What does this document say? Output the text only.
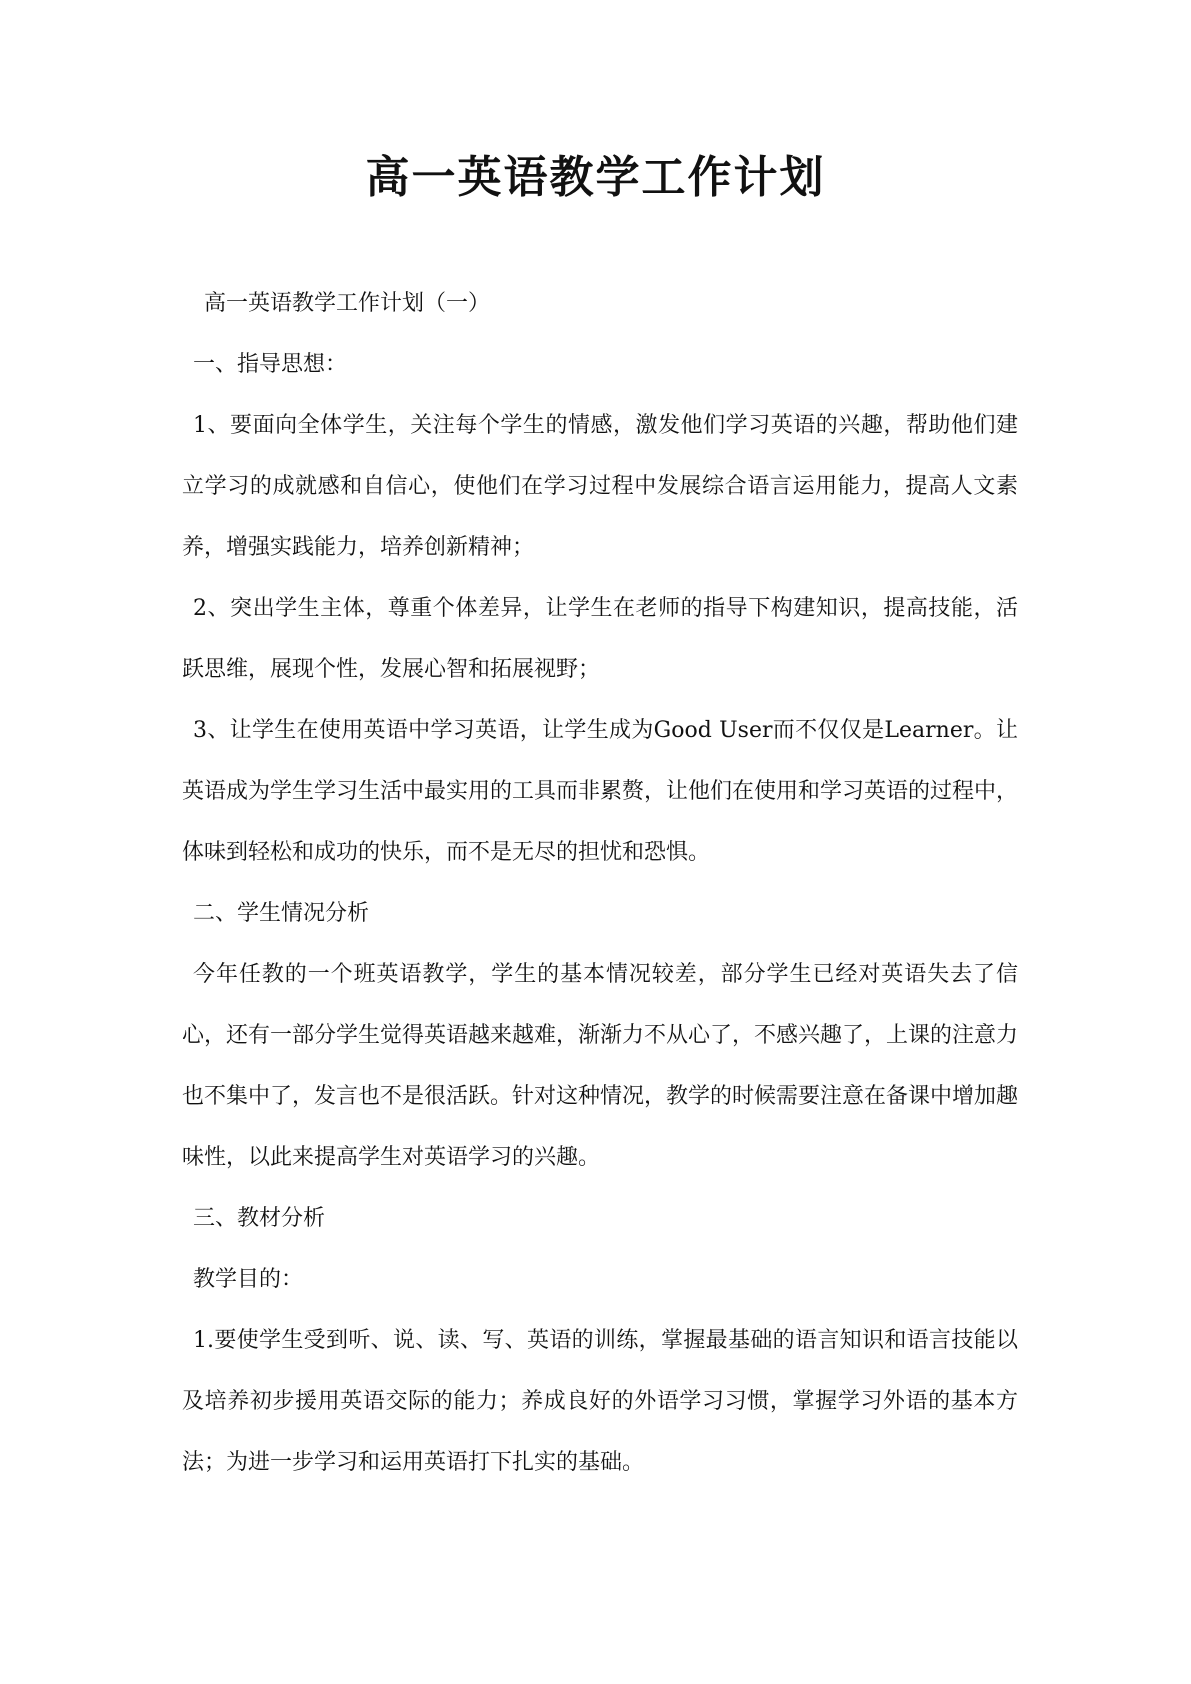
高一英语教学工作计划

高一英语教学工作计划（一）

一、指导思想：

1、要面向全体学生，关注每个学生的情感，激发他们学习英语的兴趣，帮助他们建立学习的成就感和自信心，使他们在学习过程中发展综合语言运用能力，提高人文素养，增强实践能力，培养创新精神；

2、突出学生主体，尊重个体差异，让学生在老师的指导下构建知识，提高技能，活跃思维，展现个性，发展心智和拓展视野；

3、让学生在使用英语中学习英语，让学生成为Good User而不仅仅是Learner。让英语成为学生学习生活中最实用的工具而非累赘，让他们在使用和学习英语的过程中，体味到轻松和成功的快乐，而不是无尽的担忧和恐惧。

二、学生情况分析

今年任教的一个班英语教学，学生的基本情况较差，部分学生已经对英语失去了信心，还有一部分学生觉得英语越来越难，渐渐力不从心了，不感兴趣了，上课的注意力也不集中了，发言也不是很活跃。针对这种情况，教学的时候需要注意在备课中增加趣味性，以此来提高学生对英语学习的兴趣。

三、教材分析

教学目的：

1.要使学生受到听、说、读、写、英语的训练，掌握最基础的语言知识和语言技能以及培养初步援用英语交际的能力；养成良好的外语学习习惯，掌握学习外语的基本方法；为进一步学习和运用英语打下扎实的基础。
